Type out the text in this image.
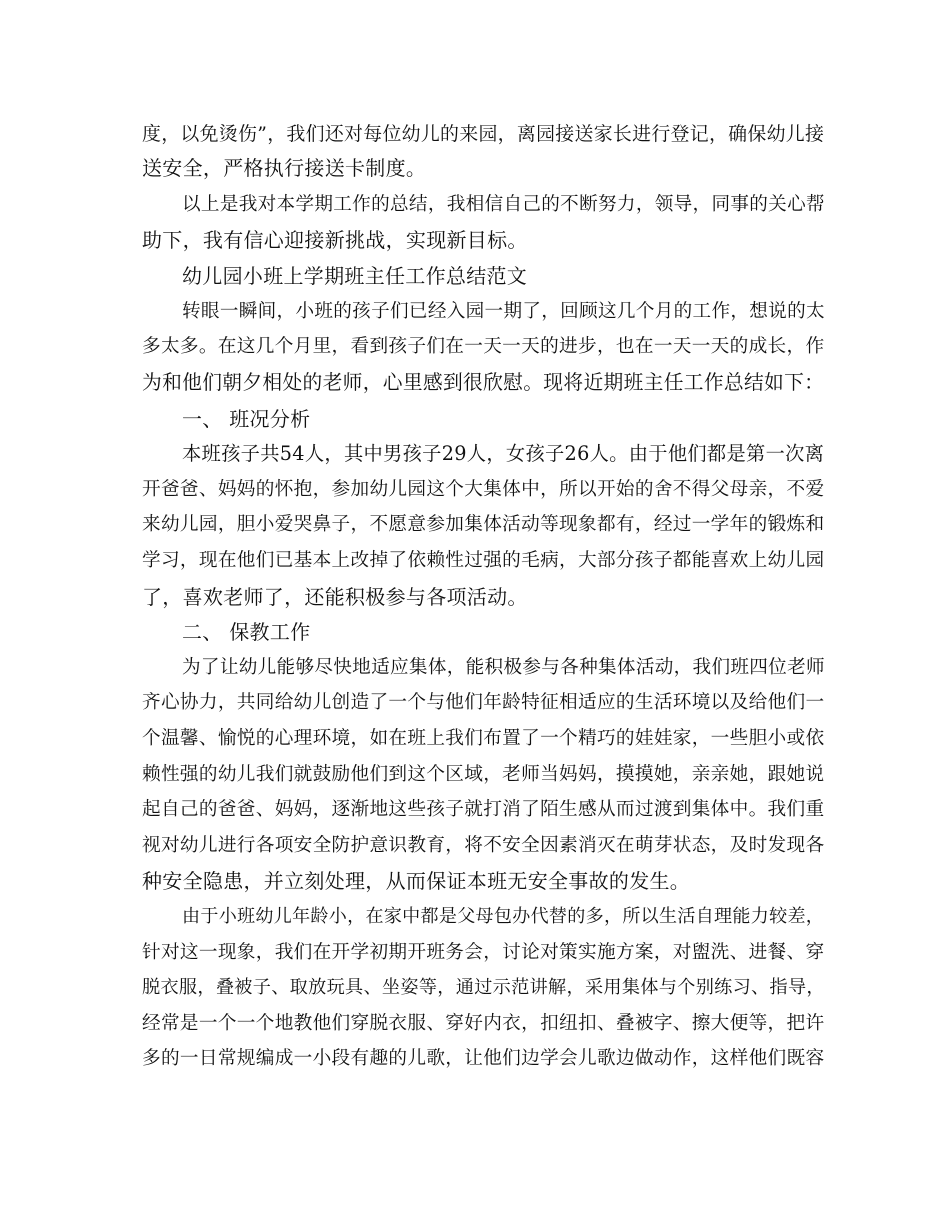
度，以免烫伤”，我们还对每位幼儿的来园，离园接送家长进行登记，确保幼儿接

送安全，严格执行接送卡制度。

以上是我对本学期工作的总结，我相信自己的不断努力，领导，同事的关心帮

助下，我有信心迎接新挑战，实现新目标。

幼儿园小班上学期班主任工作总结范文

转眼一瞬间，小班的孩子们已经入园一期了，回顾这几个月的工作，想说的太

多太多。在这几个月里，看到孩子们在一天一天的进步，也在一天一天的成长，作

为和他们朝夕相处的老师，心里感到很欣慰。现将近期班主任工作总结如下：

一、 班况分析

本班孩子共54人，其中男孩子29人，女孩子26人。由于他们都是第一次离

开爸爸、妈妈的怀抱，参加幼儿园这个大集体中，所以开始的舍不得父母亲，不爱

来幼儿园，胆小爱哭鼻子，不愿意参加集体活动等现象都有，经过一学年的锻炼和

学习，现在他们已基本上改掉了依赖性过强的毛病，大部分孩子都能喜欢上幼儿园

了，喜欢老师了，还能积极参与各项活动。

二、 保教工作

为了让幼儿能够尽快地适应集体，能积极参与各种集体活动，我们班四位老师

齐心协力，共同给幼儿创造了一个与他们年龄特征相适应的生活环境以及给他们一

个温馨、愉悦的心理环境，如在班上我们布置了一个精巧的娃娃家，一些胆小或依

赖性强的幼儿我们就鼓励他们到这个区域，老师当妈妈，摸摸她，亲亲她，跟她说

起自己的爸爸、妈妈，逐渐地这些孩子就打消了陌生感从而过渡到集体中。我们重

视对幼儿进行各项安全防护意识教育，将不安全因素消灭在萌芽状态，及时发现各

种安全隐患，并立刻处理，从而保证本班无安全事故的发生。

由于小班幼儿年龄小，在家中都是父母包办代替的多，所以生活自理能力较差，

针对这一现象，我们在开学初期开班务会，讨论对策实施方案，对盥洗、进餐、穿

脱衣服，叠被子、取放玩具、坐姿等，通过示范讲解，采用集体与个别练习、指导，

经常是一个一个地教他们穿脱衣服、穿好内衣，扣纽扣、叠被字、擦大便等，把许

多的一日常规编成一小段有趣的儿歌，让他们边学会儿歌边做动作，这样他们既容
